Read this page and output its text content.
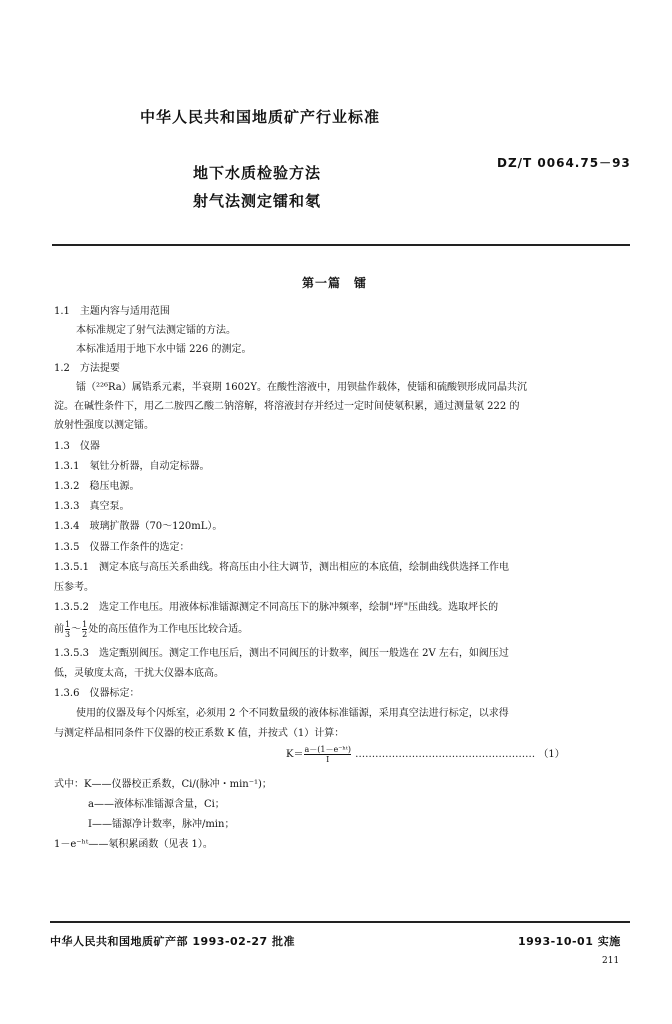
中华人民共和国地质矿产行业标准
地下水质检验方法
射气法测定镭和氡
DZ/T 0064.75－93
第一篇　镭
1.1　主题内容与适用范围
本标准规定了射气法测定镭的方法。
本标准适用于地下水中镭 226 的测定。
1.2　方法提要
镭（²²⁶Ra）属锆系元素，半衰期 1602Y。在酸性溶液中，用钡盐作载体，使镭和硫酸钡形成同晶共沉
淀。在碱性条件下，用乙二胺四乙酸二钠溶解，将溶液封存并经过一定时间使氡积累，通过测量氡 222 的
放射性强度以测定镭。
1.3　仪器
1.3.1　氡钍分析器，自动定标器。
1.3.2　稳压电源。
1.3.3　真空泵。
1.3.4　玻璃扩散器（70～120mL）。
1.3.5　仪器工作条件的选定：
1.3.5.1　测定本底与高压关系曲线。将高压由小往大调节，测出相应的本底值，绘制曲线供选择工作电
压参考。
1.3.5.2　选定工作电压。用液体标准镭源测定不同高压下的脉冲频率，绘制"坪"压曲线。选取坪长的
前 $\frac{1}{3}$ ～ $\frac{1}{2}$ 处的高压值作为工作电压比较合适。
1.3.5.3　选定甄别阀压。测定工作电压后，测出不同阀压的计数率，阀压一般选在 2V 左右，如阀压过
低，灵敏度太高，干扰大仪器本底高。
1.3.6　仪器标定：
使用的仪器及每个闪烁室，必须用 2 个不同数量级的液体标准镭源，采用真空法进行标定，以求得
与测定样品相同条件下仪器的校正系数 K 值，并按式（1）计算：
$K= \frac{\text{a－(1－e⁻ʰᵗ)}}{I}$ ……………………………………………… （1）
式中：K——仪器校正系数，Ci/(脉冲・min⁻¹)；
a——液体标准镭源含量，Ci；
I——镭源净计数率，脉冲/min；
1－e⁻ʰᵗ——氡积累函数（见表 1）。
中华人民共和国地质矿产部 1993-02-27 批准	1993-10-01 实施
211
